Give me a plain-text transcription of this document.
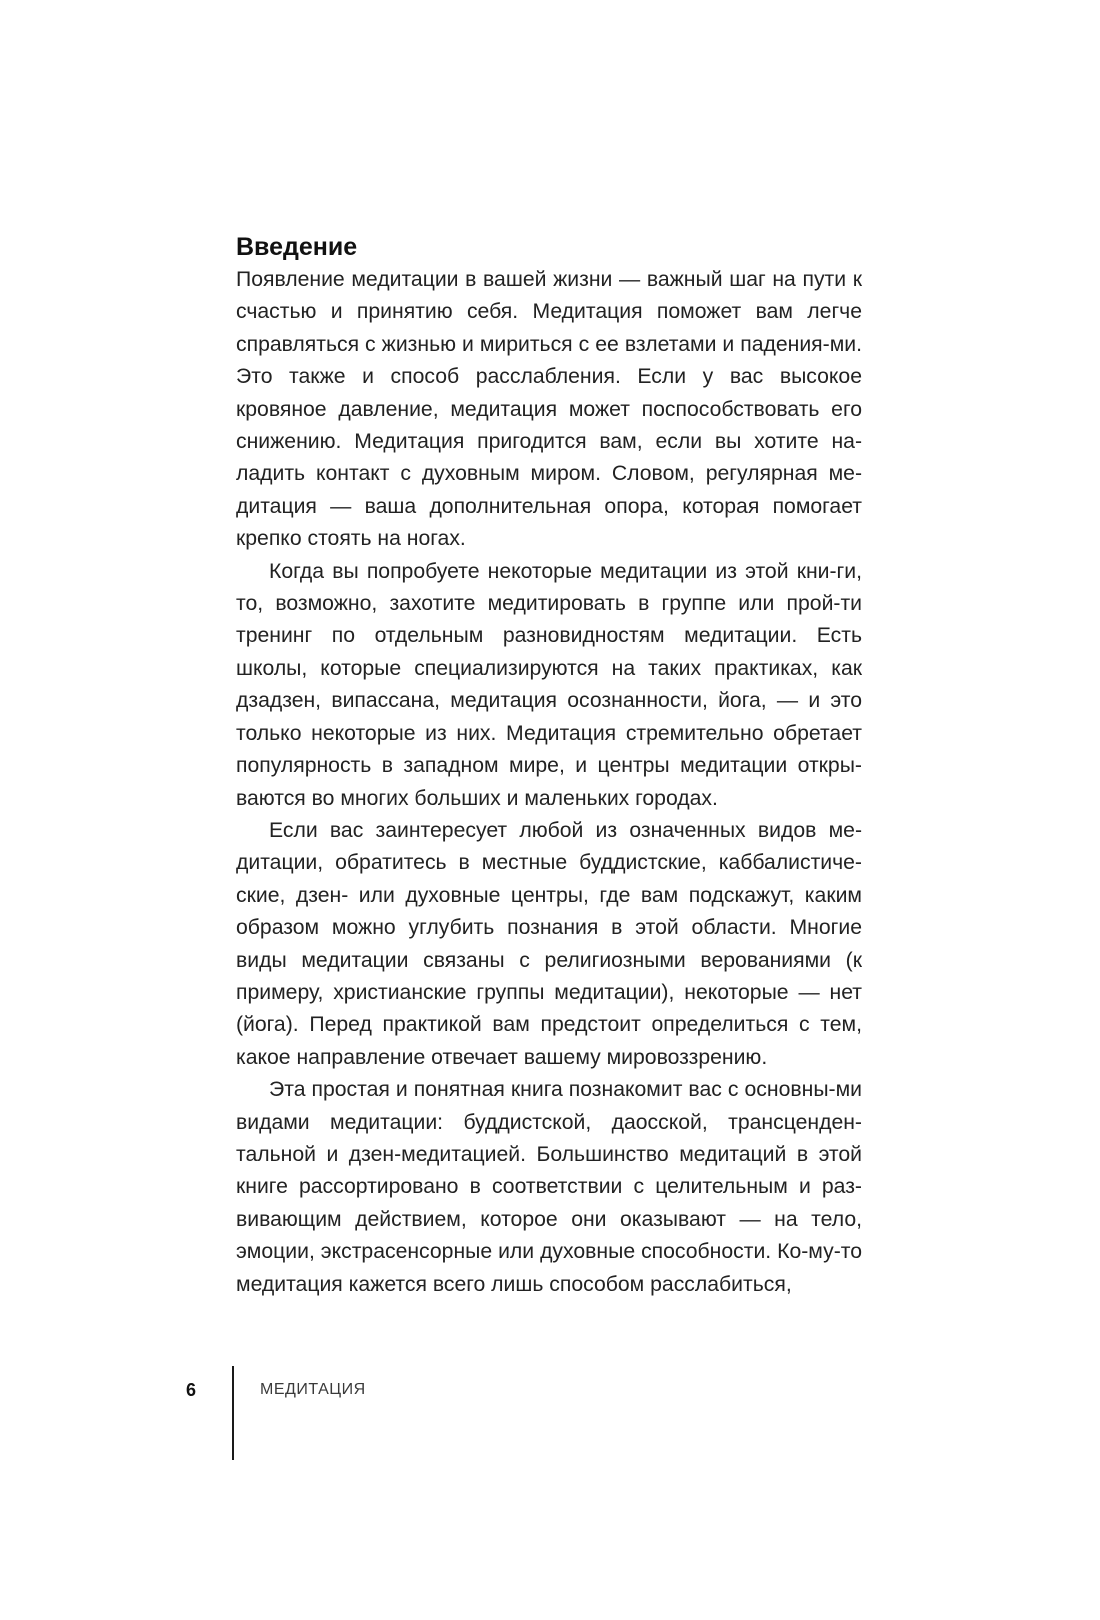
Введение

Появление медитации в вашей жизни — важный шаг на пути к счастью и принятию себя. Медитация поможет вам легче справляться с жизнью и мириться с ее взлетами и падения-ми. Это также и способ расслабления. Если у вас высокое кровяное давление, медитация может поспособствовать его снижению. Медитация пригодится вам, если вы хотите на-ладить контакт с духовным миром. Словом, регулярная ме-дитация — ваша дополнительная опора, которая помогает крепко стоять на ногах.

Когда вы попробуете некоторые медитации из этой кни-ги, то, возможно, захотите медитировать в группе или прой-ти тренинг по отдельным разновидностям медитации. Есть школы, которые специализируются на таких практиках, как дзадзен, випассана, медитация осознанности, йога, — и это только некоторые из них. Медитация стремительно обретает популярность в западном мире, и центры медитации откры-ваются во многих больших и маленьких городах.

Если вас заинтересует любой из означенных видов ме-дитации, обратитесь в местные буддистские, каббалистиче-ские, дзен- или духовные центры, где вам подскажут, каким образом можно углубить познания в этой области. Многие виды медитации связаны с религиозными верованиями (к примеру, христианские группы медитации), некоторые — нет (йога). Перед практикой вам предстоит определиться с тем, какое направление отвечает вашему мировоззрению.

Эта простая и понятная книга познакомит вас с основны-ми видами медитации: буддистской, даосской, трансценден-тальной и дзен-медитацией. Большинство медитаций в этой книге рассортировано в соответствии с целительным и раз-вивающим действием, которое они оказывают — на тело, эмоции, экстрасенсорные или духовные способности. Ко-му-то медитация кажется всего лишь способом расслабиться,

6	МЕДИТАЦИЯ
